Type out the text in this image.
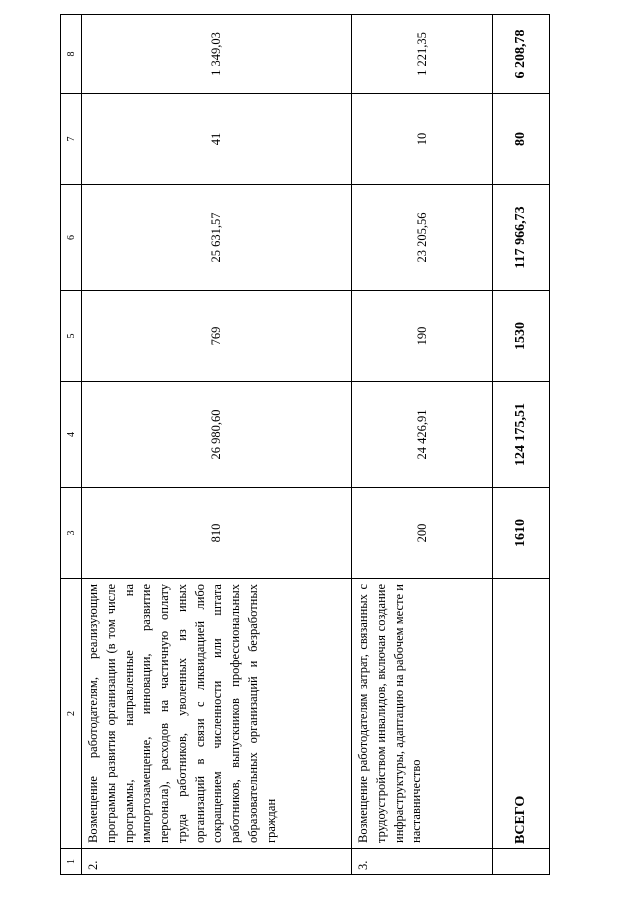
1	2	3	4	5	6	7	8
2.	Возмещение работодателям, реализующим программы развития организации (в том числе программы, направленные на импортозамещение, инновации, развитие персонала), расходов на частичную оплату труда работников, уволенных из иных организаций в связи с ликвидацией либо сокращением численности или штата работников, выпускников профессиональных образовательных организаций и безработных граждан	810	26 980,60	769	25 631,57	41	1 349,03
3.	Возмещение работодателям затрат, связанных с трудоустройством инвалидов, включая создание инфраструктуры, адаптацию на рабочем месте и наставничество	200	24 426,91	190	23 205,56	10	1 221,35
	ВСЕГО	1610	124 175,51	1530	117 966,73	80	6 208,78
